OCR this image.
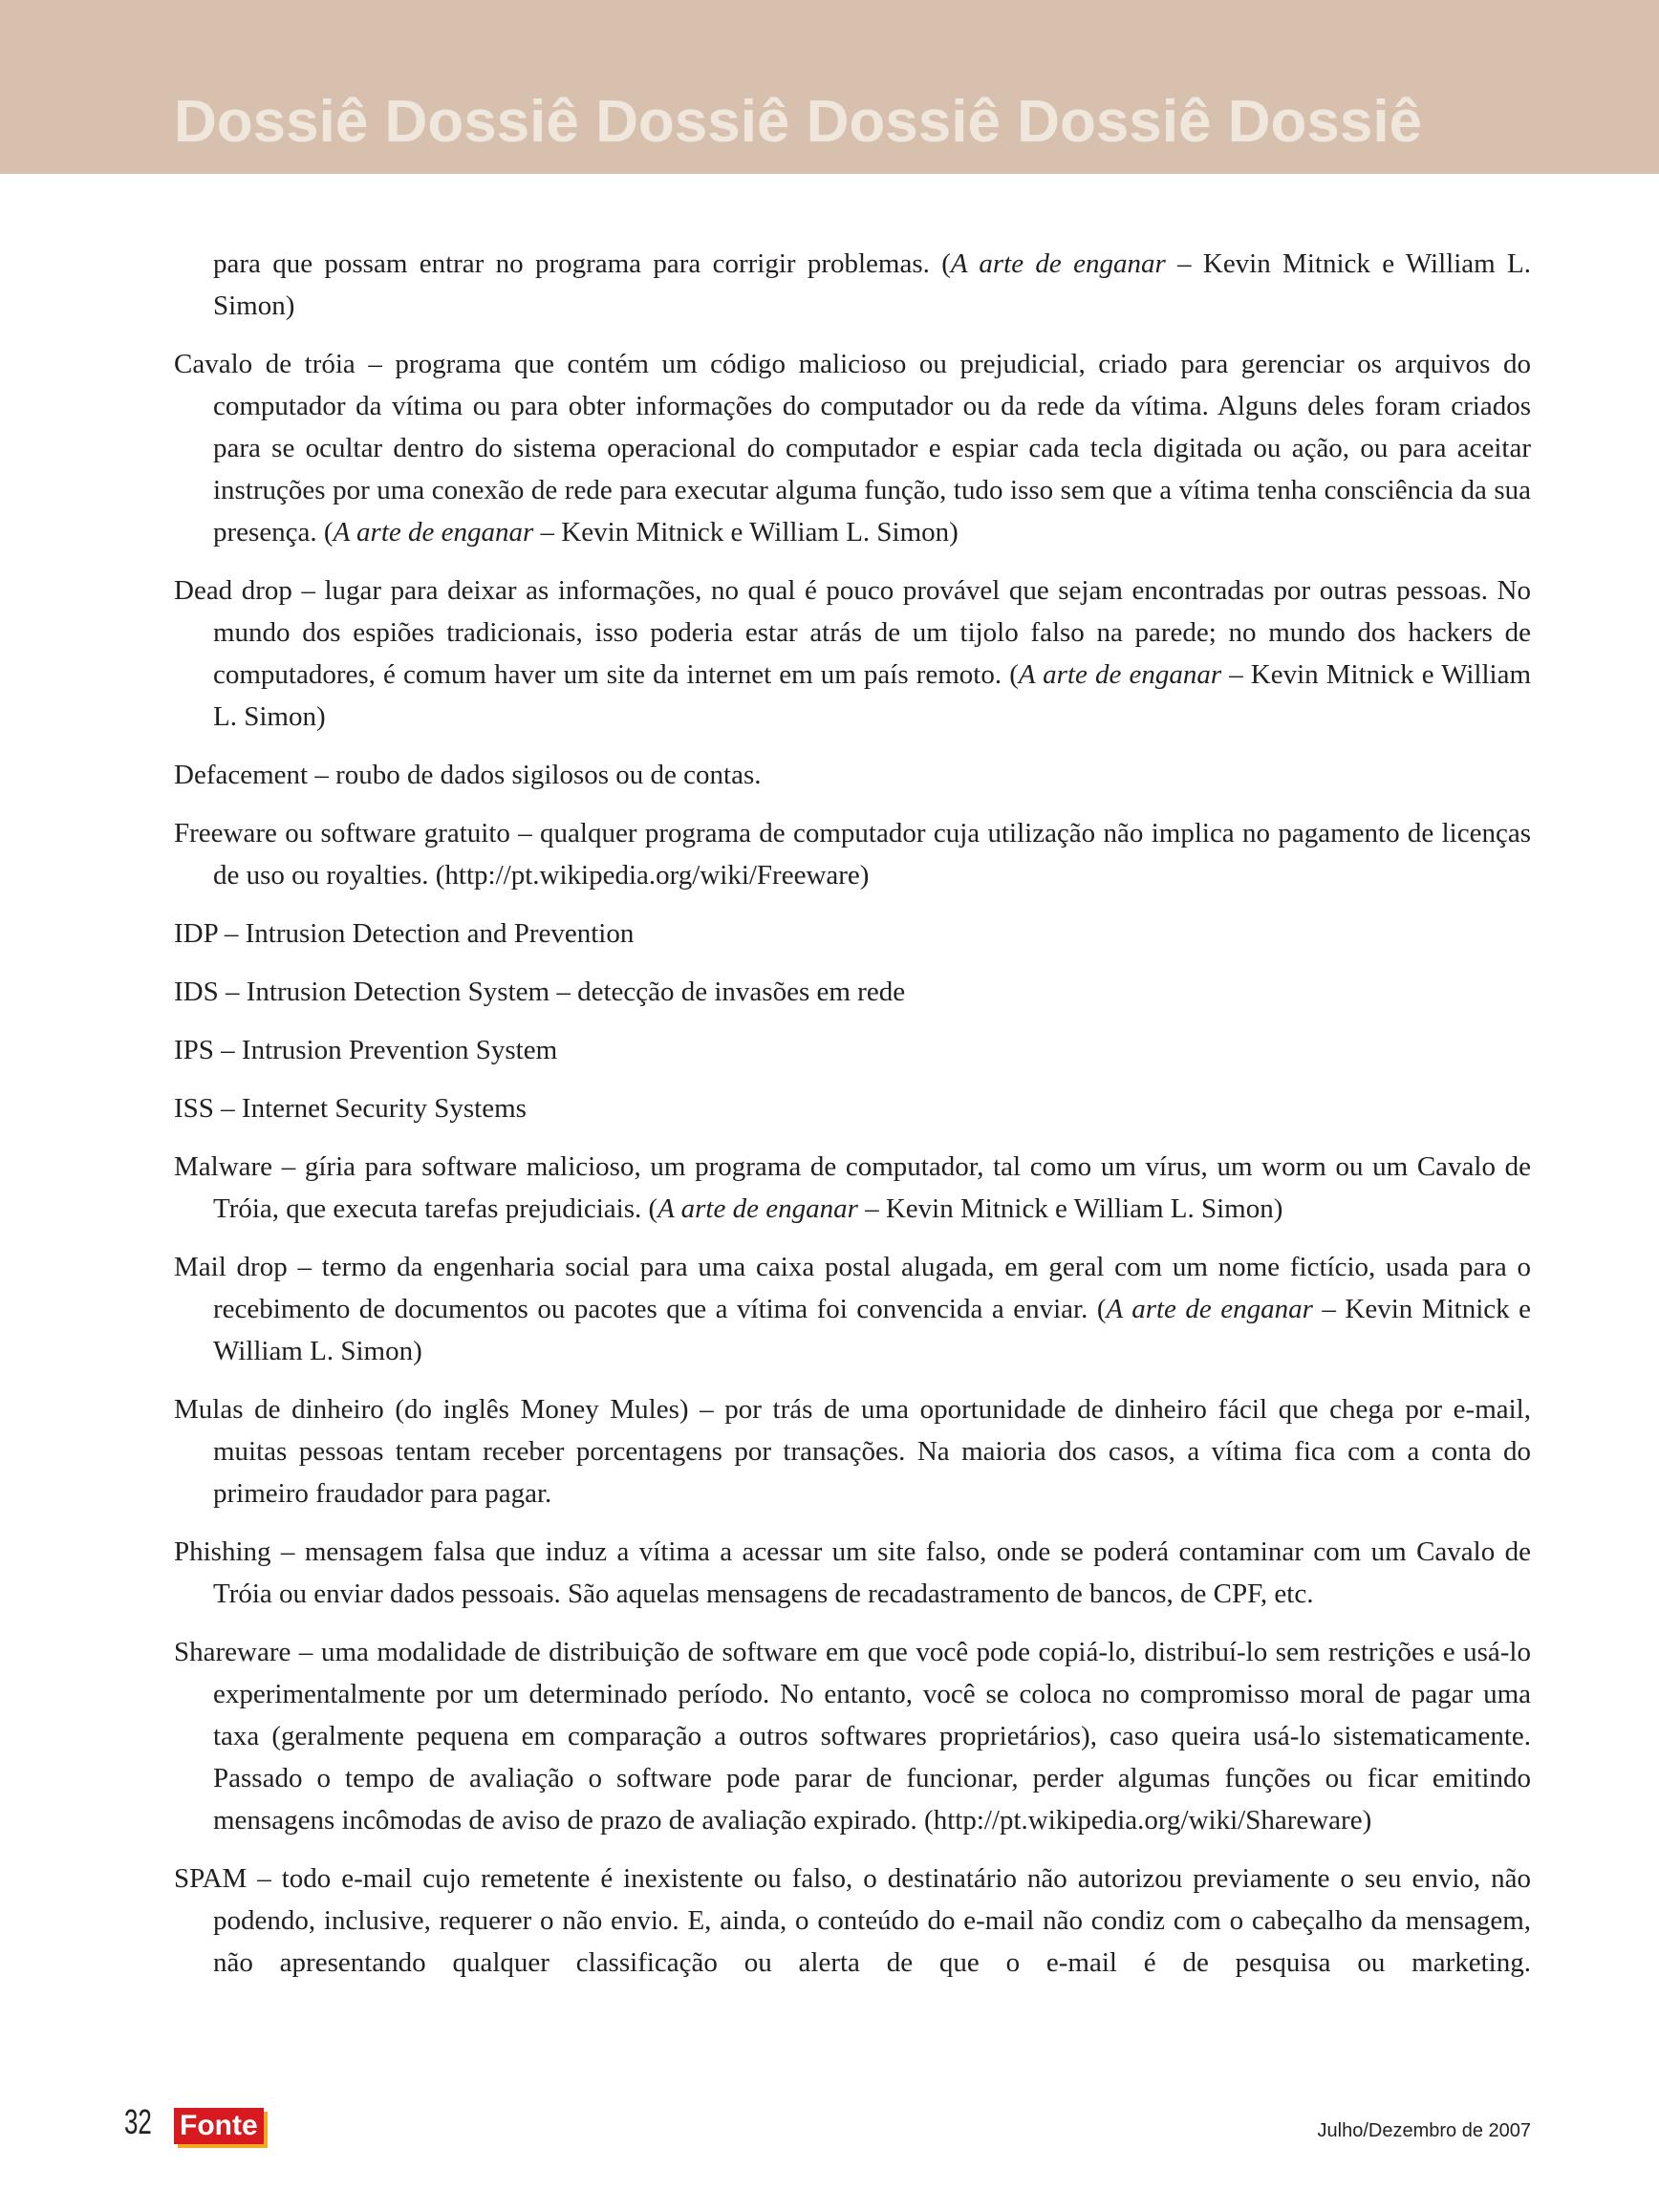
Dossiê Dossiê Dossiê Dossiê Dossiê Dossiê

para que possam entrar no programa para corrigir problemas. (A arte de enganar – Kevin Mitnick e William L. Simon)

Cavalo de tróia – programa que contém um código malicioso ou prejudicial, criado para gerenciar os arquivos do computador da vítima ou para obter informações do computador ou da rede da vítima. Alguns deles foram criados para se ocultar dentro do sistema operacional do computador e espiar cada tecla digitada ou ação, ou para aceitar instruções por uma conexão de rede para executar alguma função, tudo isso sem que a vítima tenha consciência da sua presença. (A arte de enganar – Kevin Mitnick e William L. Simon)

Dead drop – lugar para deixar as informações, no qual é pouco provável que sejam encontradas por outras pessoas. No mundo dos espiões tradicionais, isso poderia estar atrás de um tijolo falso na parede; no mundo dos hackers de computadores, é comum haver um site da internet em um país remoto. (A arte de enganar – Kevin Mitnick e William L. Simon)

Defacement – roubo de dados sigilosos ou de contas.

Freeware ou software gratuito – qualquer programa de computador cuja utilização não implica no pagamento de licenças de uso ou royalties. (http://pt.wikipedia.org/wiki/Freeware)

IDP – Intrusion Detection and Prevention

IDS – Intrusion Detection System – detecção de invasões em rede

IPS – Intrusion Prevention System

ISS – Internet Security Systems

Malware – gíria para software malicioso, um programa de computador, tal como um vírus, um worm ou um Cavalo de Tróia, que executa tarefas prejudiciais. (A arte de enganar – Kevin Mitnick e William L. Simon)

Mail drop – termo da engenharia social para uma caixa postal alugada, em geral com um nome fictício, usada para o recebimento de documentos ou pacotes que a vítima foi convencida a enviar. (A arte de enganar – Kevin Mitnick e William L. Simon)

Mulas de dinheiro (do inglês Money Mules) – por trás de uma oportunidade de dinheiro fácil que chega por e-mail, muitas pessoas tentam receber porcentagens por transações. Na maioria dos casos, a vítima fica com a conta do primeiro fraudador para pagar.

Phishing – mensagem falsa que induz a vítima a acessar um site falso, onde se poderá contaminar com um Cavalo de Tróia ou enviar dados pessoais. São aquelas mensagens de recadastramento de bancos, de CPF, etc.

Shareware – uma modalidade de distribuição de software em que você pode copiá-lo, distribuí-lo sem restrições e usá-lo experimentalmente por um determinado período. No entanto, você se coloca no compromisso moral de pagar uma taxa (geralmente pequena em comparação a outros softwares proprietários), caso queira usá-lo sistematicamente. Passado o tempo de avaliação o software pode parar de funcionar, perder algumas funções ou ficar emitindo mensagens incômodas de aviso de prazo de avaliação expirado. (http://pt.wikipedia.org/wiki/Shareware)

SPAM – todo e-mail cujo remetente é inexistente ou falso, o destinatário não autorizou previamente o seu envio, não podendo, inclusive, requerer o não envio. E, ainda, o conteúdo do e-mail não condiz com o cabeçalho da mensagem, não apresentando qualquer classificação ou alerta de que o e-mail é de pesquisa ou marketing.

32 Fonte	Julho/Dezembro de 2007
